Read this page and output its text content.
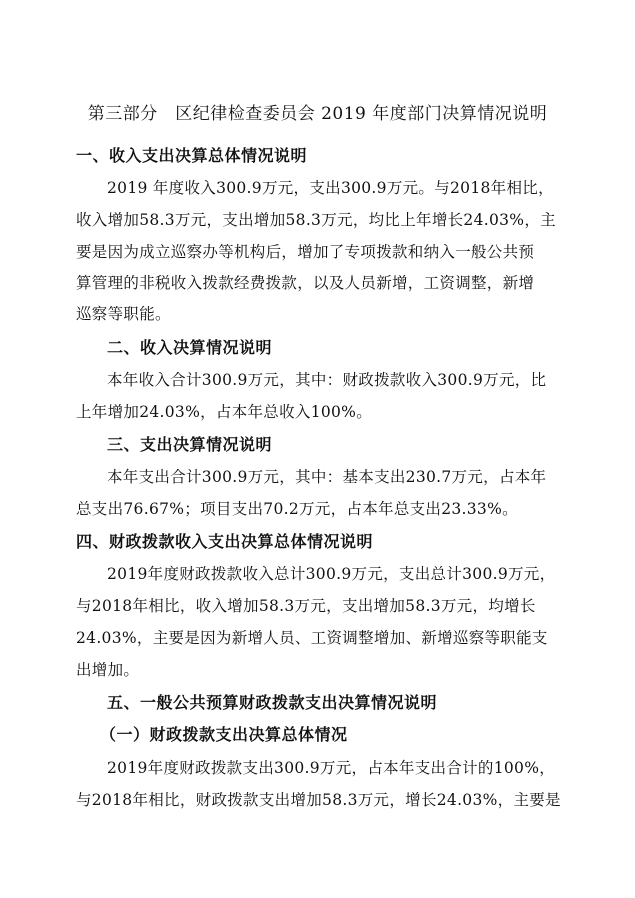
第三部分　区纪律检查委员会 2019 年度部门决算情况说明
一、收入支出决算总体情况说明
2019 年度收入300.9万元，支出300.9万元。与2018年相比，
收入增加58.3万元，支出增加58.3万元，均比上年增长24.03%，主
要是因为成立巡察办等机构后，增加了专项拨款和纳入一般公共预
算管理的非税收入拨款经费拨款，以及人员新增，工资调整，新增
巡察等职能。
二、收入决算情况说明
本年收入合计300.9万元，其中：财政拨款收入300.9万元，比
上年增加24.03%，占本年总收入100%。
三、支出决算情况说明
本年支出合计300.9万元，其中：基本支出230.7万元，占本年
总支出76.67%；项目支出70.2万元，占本年总支出23.33%。
四、财政拨款收入支出决算总体情况说明
2019年度财政拨款收入总计300.9万元，支出总计300.9万元，
与2018年相比，收入增加58.3万元，支出增加58.3万元，均增长
24.03%，主要是因为新增人员、工资调整增加、新增巡察等职能支
出增加。
五、一般公共预算财政拨款支出决算情况说明
（一）财政拨款支出决算总体情况
2019年度财政拨款支出300.9万元，占本年支出合计的100%，
与2018年相比，财政拨款支出增加58.3万元，增长24.03%，主要是
